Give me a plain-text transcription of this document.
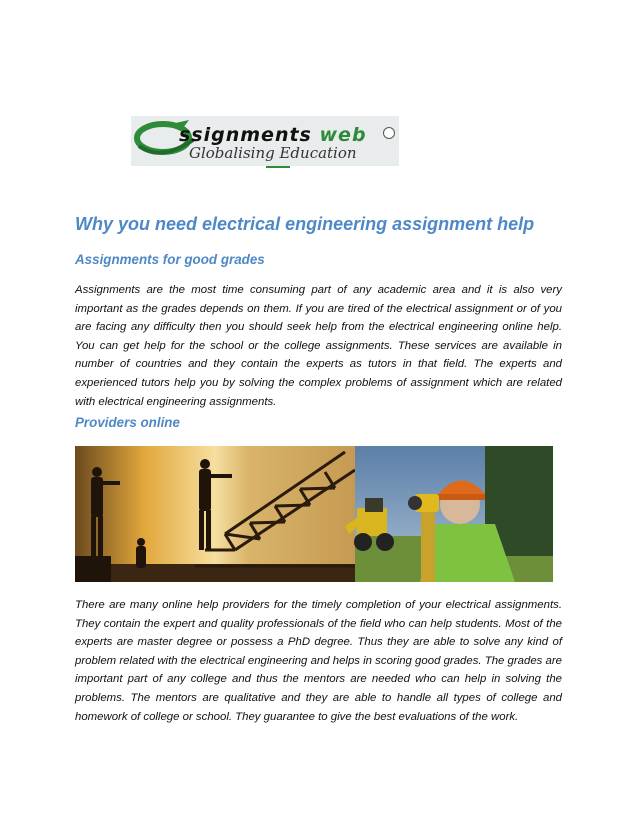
ssignments web
Globalising Education
Why you need electrical engineering assignment help
Assignments for good grades

Assignments are the most time consuming part of any academic area and it is also very important as the grades depends on them. If you are tired of the electrical assignment or of you are facing any difficulty then you should seek help from the electrical engineering online help. You can get help for the school or the college assignments. These services are available in number of countries and they contain the experts as tutors in that field. The experts and experienced tutors help you by solving the complex problems of assignment which are related with electrical engineering assignments.

Providers online

There are many online help providers for the timely completion of your electrical assignments. They contain the expert and quality professionals of the field who can help students. Most of the experts are master degree or possess a PhD degree. Thus they are able to solve any kind of problem related with the electrical engineering and helps in scoring good grades. The grades are important part of any college and thus the mentors are needed who can help in solving the problems. The mentors are qualitative and they are able to handle all types of college and homework of college or school. They guarantee to give the best evaluations of the work.
